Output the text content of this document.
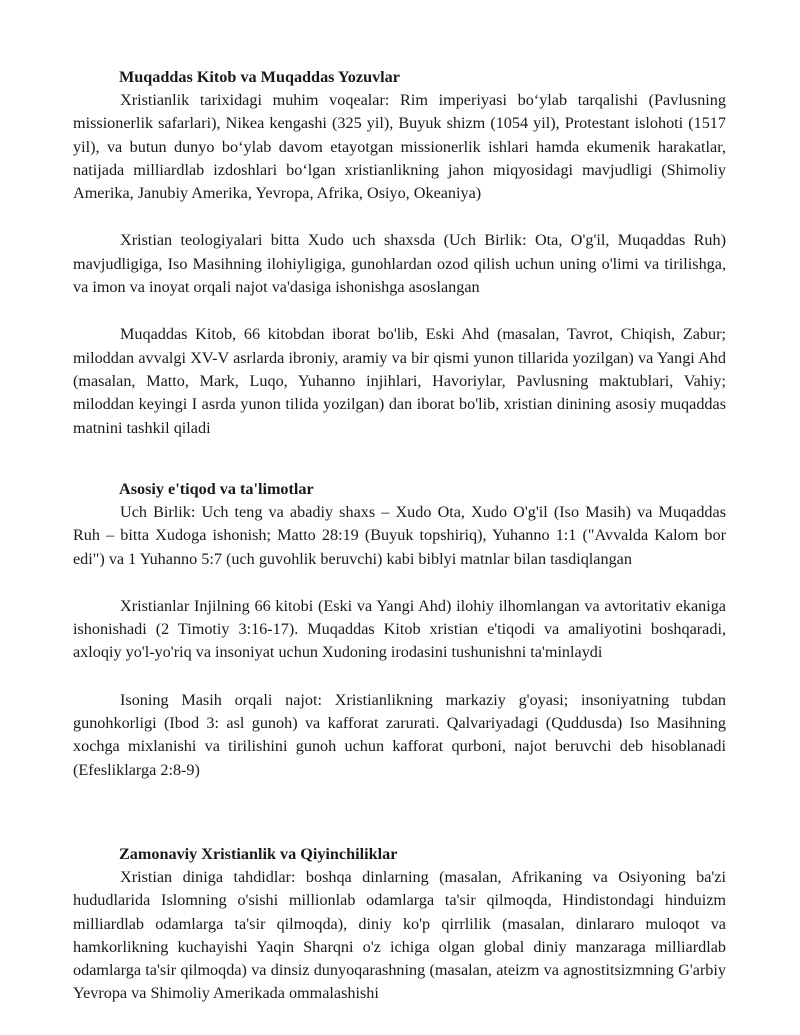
Muqaddas Kitob va Muqaddas Yozuvlar

Xristianlik tarixidagi muhim voqealar: Rim imperiyasi bo‘ylab tarqalishi (Pavlusning missionerlik safarlari), Nikea kengashi (325 yil), Buyuk shizm (1054 yil), Protestant islohoti (1517 yil), va butun dunyo bo‘ylab davom etayotgan missionerlik ishlari hamda ekumenik harakatlar, natijada milliardlab izdoshlari bo‘lgan xristianlikning jahon miqyosidagi mavjudligi (Shimoliy Amerika, Janubiy Amerika, Yevropa, Afrika, Osiyo, Okeaniya)

Xristian teologiyalari bitta Xudo uch shaxsda (Uch Birlik: Ota, O'g'il, Muqaddas Ruh) mavjudligiga, Iso Masihning ilohiyligiga, gunohlardan ozod qilish uchun uning o'limi va tirilishga, va imon va inoyat orqali najot va'dasiga ishonishga asoslangan

Muqaddas Kitob, 66 kitobdan iborat bo'lib, Eski Ahd (masalan, Tavrot, Chiqish, Zabur; miloddan avvalgi XV-V asrlarda ibroniy, aramiy va bir qismi yunon tillarida yozilgan) va Yangi Ahd (masalan, Matto, Mark, Luqo, Yuhanno injihlari, Havoriylar, Pavlusning maktublari, Vahiy; miloddan keyingi I asrda yunon tilida yozilgan) dan iborat bo'lib, xristian dinining asosiy muqaddas matnini tashkil qiladi

Asosiy e'tiqod va ta'limotlar

Uch Birlik: Uch teng va abadiy shaxs – Xudo Ota, Xudo O'g'il (Iso Masih) va Muqaddas Ruh – bitta Xudoga ishonish; Matto 28:19 (Buyuk topshiriq), Yuhanno 1:1 ("Avvalda Kalom bor edi") va 1 Yuhanno 5:7 (uch guvohlik beruvchi) kabi biblyi matnlar bilan tasdiqlangan

Xristianlar Injilning 66 kitobi (Eski va Yangi Ahd) ilohiy ilhomlangan va avtoritativ ekaniga ishonishadi (2 Timotiy 3:16-17). Muqaddas Kitob xristian e'tiqodi va amaliyotini boshqaradi, axloqiy yo'l-yo'riq va insoniyat uchun Xudoning irodasini tushunishni ta'minlaydi

Isoning Masih orqali najot: Xristianlikning markaziy g'oyasi; insoniyatning tubdan gunohkorligi (Ibod 3: asl gunoh) va kafforat zarurati. Qalvariyadagi (Quddusda) Iso Masihning xochga mixlanishi va tirilishini gunoh uchun kafforat qurboni, najot beruvchi deb hisoblanadi (Efesliklarga 2:8-9)

Zamonaviy Xristianlik va Qiyinchiliklar

Xristian diniga tahdidlar: boshqa dinlarning (masalan, Afrikaning va Osiyoning ba'zi hududlarida Islomning o'sishi millionlab odamlarga ta'sir qilmoqda, Hindistondagi hinduizm milliardlab odamlarga ta'sir qilmoqda), diniy ko'p qirrlilik (masalan, dinlararo muloqot va hamkorlikning kuchayishi Yaqin Sharqni o'z ichiga olgan global diniy manzaraga milliardlab odamlarga ta'sir qilmoqda) va dinsiz dunyoqarashning (masalan, ateizm va agnostitsizmning G'arbiy Yevropa va Shimoliy Amerikada ommalashishi
